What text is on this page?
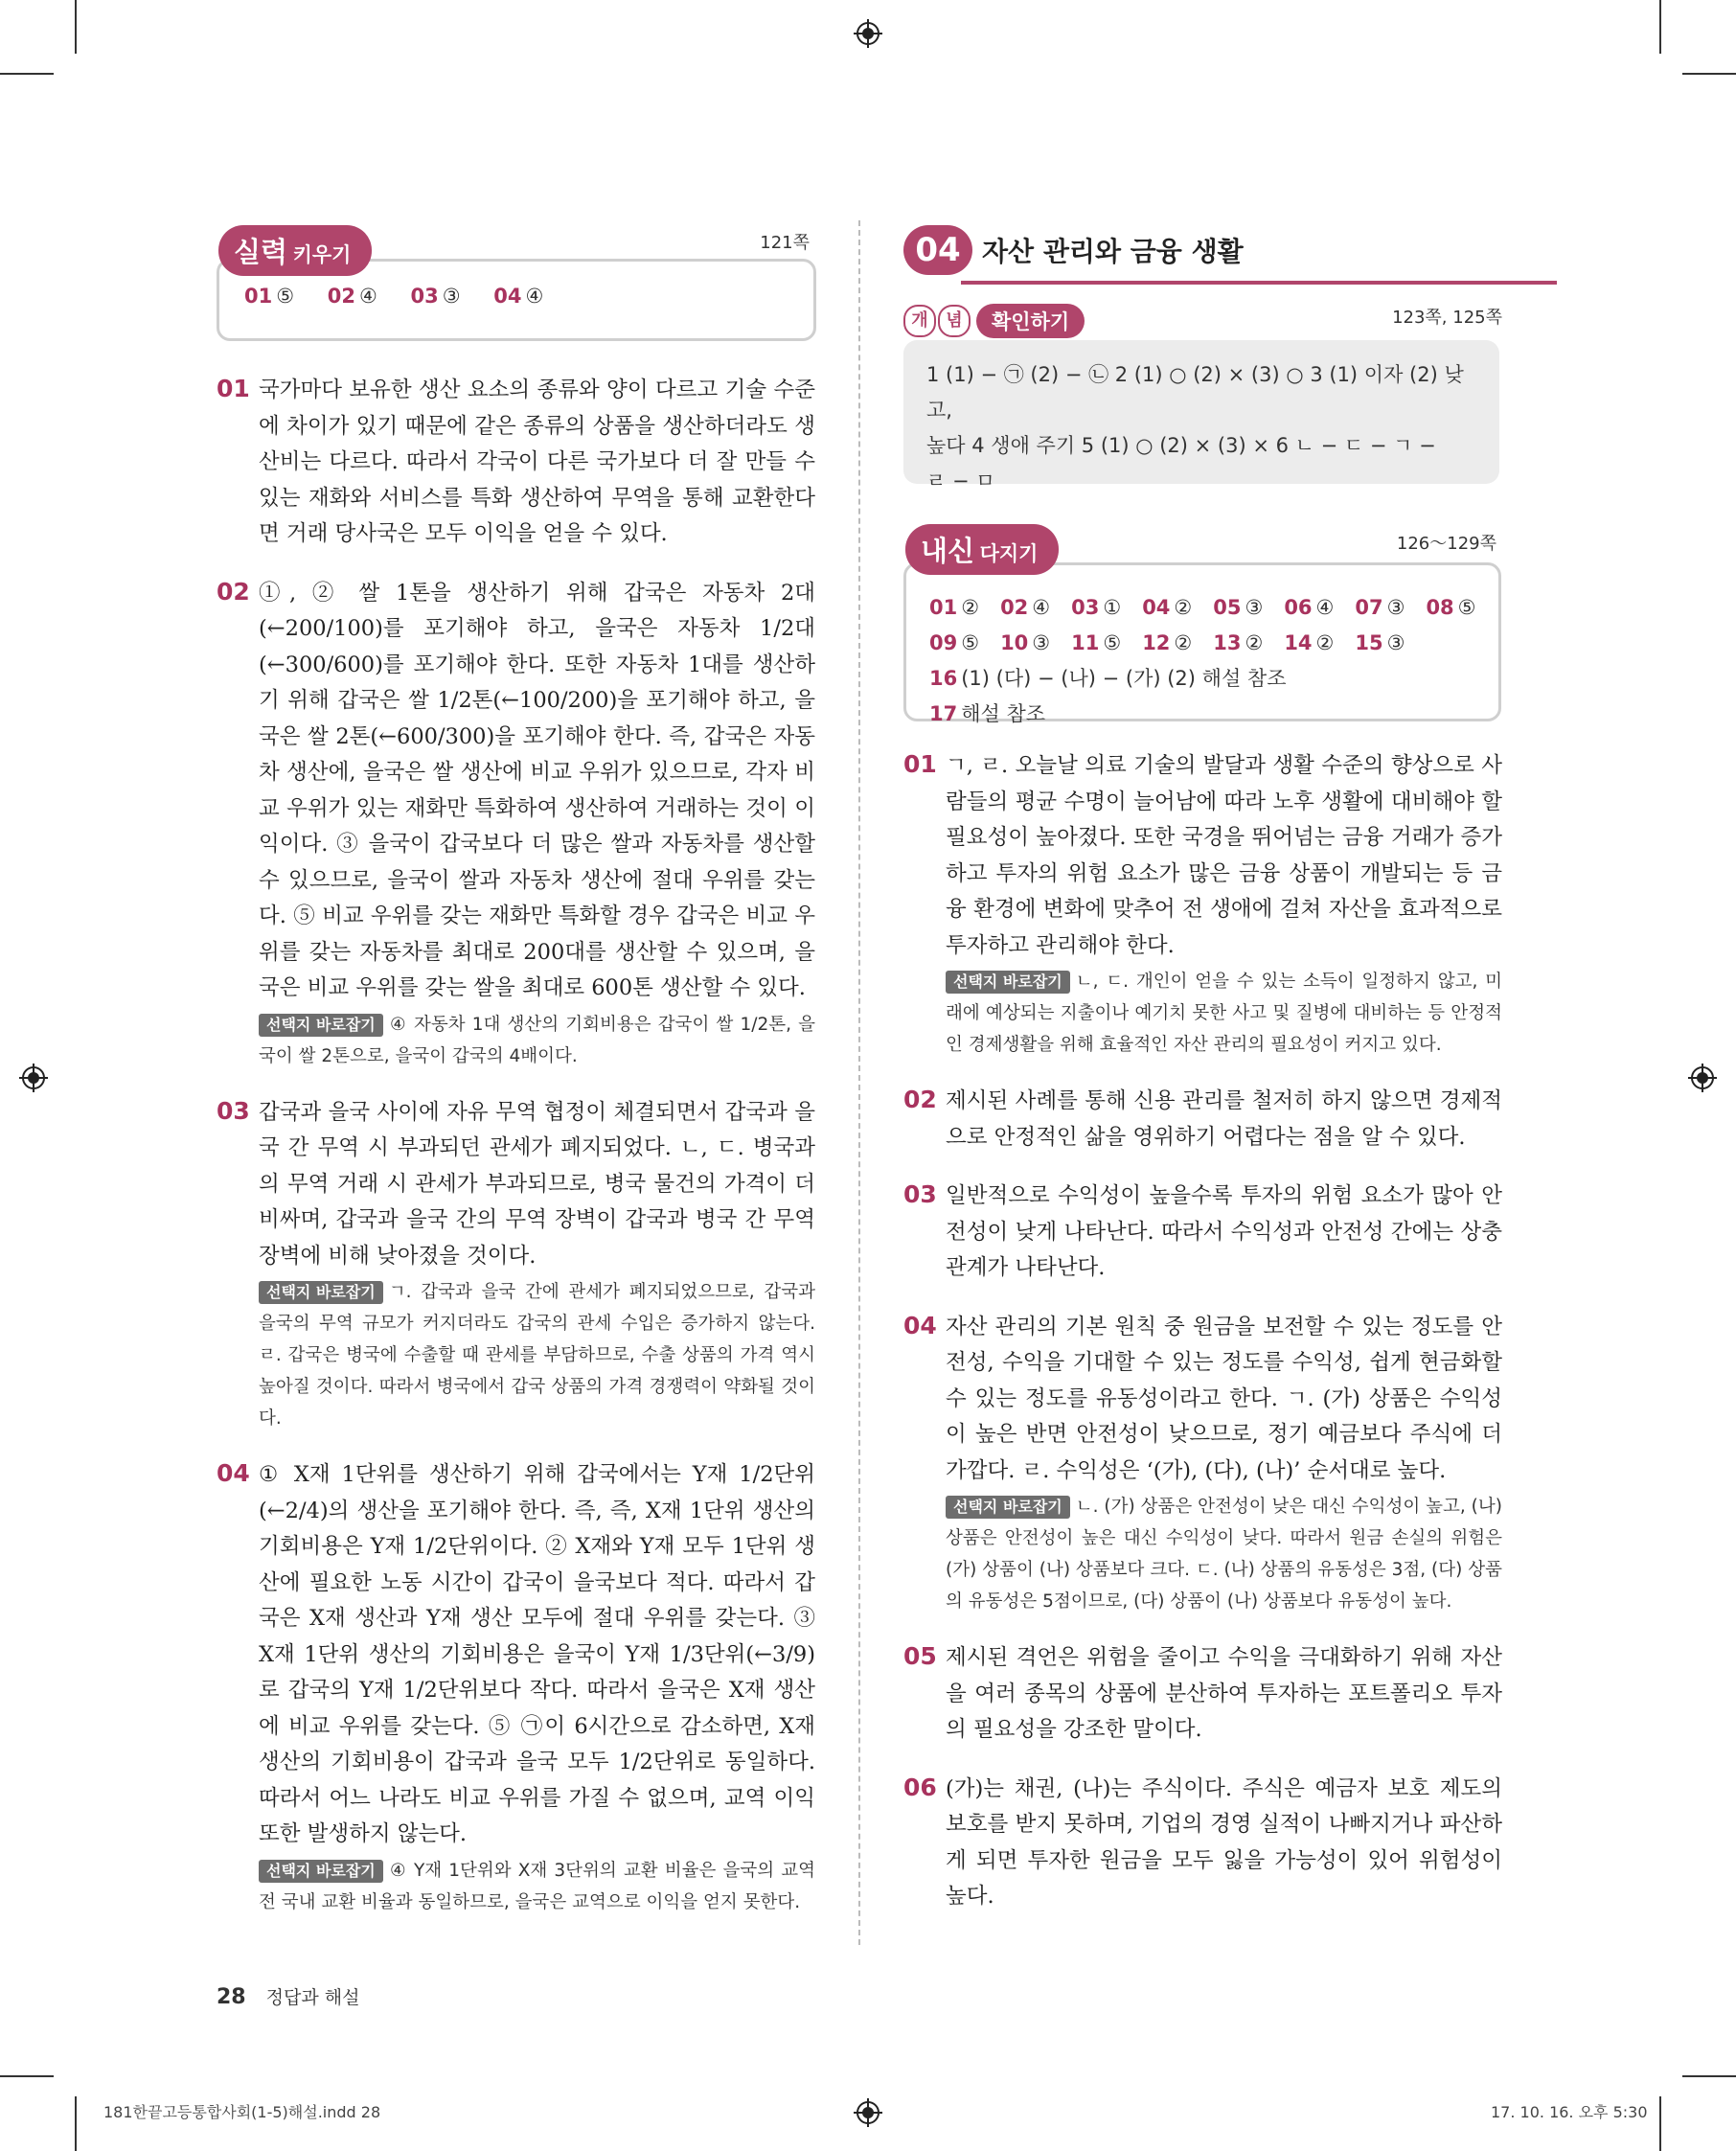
01 ⑤ 02 ④ 03 ③ 04 ④
실력 키우기
121쪽
01 국가마다 보유한 생산 요소의 종류와 양이 다르고 기술 수준에 차이가 있기 때문에 같은 종류의 상품을 생산하더라도 생산비는 다르다. 따라서 각국이 다른 국가보다 더 잘 만들 수 있는 재화와 서비스를 특화 생산하여 무역을 통해 교환한다면 거래 당사국은 모두 이익을 얻을 수 있다.
02 ①, ② 쌀 1톤을 생산하기 위해 갑국은 자동차 2대(←200/100)를 포기해야 하고, 을국은 자동차 1/2대(←300/600)를 포기해야 한다. 또한 자동차 1대를 생산하기 위해 갑국은 쌀 1/2톤(←100/200)을 포기해야 하고, 을국은 쌀 2톤(←600/300)을 포기해야 한다. 즉, 갑국은 자동차 생산에, 을국은 쌀 생산에 비교 우위가 있으므로, 각자 비교 우위가 있는 재화만 특화하여 생산하여 거래하는 것이 이익이다. ③ 을국이 갑국보다 더 많은 쌀과 자동차를 생산할 수 있으므로, 을국이 쌀과 자동차 생산에 절대 우위를 갖는다. ⑤ 비교 우위를 갖는 재화만 특화할 경우 갑국은 비교 우위를 갖는 자동차를 최대로 200대를 생산할 수 있으며, 을국은 비교 우위를 갖는 쌀을 최대로 600톤 생산할 수 있다.
선택지 바로잡기 ④ 자동차 1대 생산의 기회비용은 갑국이 쌀 1/2톤, 을국이 쌀 2톤으로, 을국이 갑국의 4배이다.
03 갑국과 을국 사이에 자유 무역 협정이 체결되면서 갑국과 을국 간 무역 시 부과되던 관세가 폐지되었다. ㄴ, ㄷ. 병국과의 무역 거래 시 관세가 부과되므로, 병국 물건의 가격이 더 비싸며, 갑국과 을국 간의 무역 장벽이 갑국과 병국 간 무역 장벽에 비해 낮아졌을 것이다.
선택지 바로잡기 ㄱ. 갑국과 을국 간에 관세가 폐지되었으므로, 갑국과 을국의 무역 규모가 커지더라도 갑국의 관세 수입은 증가하지 않는다. ㄹ. 갑국은 병국에 수출할 때 관세를 부담하므로, 수출 상품의 가격 역시 높아질 것이다. 따라서 병국에서 갑국 상품의 가격 경쟁력이 약화될 것이다.
04 ① X재 1단위를 생산하기 위해 갑국에서는 Y재 1/2단위(←2/4)의 생산을 포기해야 한다. 즉, 즉, X재 1단위 생산의 기회비용은 Y재 1/2단위이다. ② X재와 Y재 모두 1단위 생산에 필요한 노동 시간이 갑국이 을국보다 적다. 따라서 갑국은 X재 생산과 Y재 생산 모두에 절대 우위를 갖는다. ③ X재 1단위 생산의 기회비용은 을국이 Y재 1/3단위(←3/9)로 갑국의 Y재 1/2단위보다 작다. 따라서 을국은 X재 생산에 비교 우위를 갖는다. ⑤ ㉠이 6시간으로 감소하면, X재 생산의 기회비용이 갑국과 을국 모두 1/2단위로 동일하다. 따라서 어느 나라도 비교 우위를 가질 수 없으며, 교역 이익 또한 발생하지 않는다.
선택지 바로잡기 ④ Y재 1단위와 X재 3단위의 교환 비율은 을국의 교역 전 국내 교환 비율과 동일하므로, 을국은 교역으로 이익을 얻지 못한다.
04 자산 관리와 금융 생활
개	념	확인하기	123쪽, 125쪽
1 (1) − ㉠ (2) − ㉡ 2 (1) ○ (2) × (3) ○ 3 (1) 이자 (2) 낮고,
높다 4 생애 주기 5 (1) ○ (2) × (3) × 6 ㄴ − ㄷ − ㄱ −
ㄹ − ㅁ
01 ② 02 ④ 03 ① 04 ② 05 ③ 06 ④ 07 ③ 08 ⑤
09 ⑤ 10 ③ 11 ⑤ 12 ② 13 ② 14 ② 15 ③
16 (1) (다) − (나) − (가) (2) 해설 참조 17 해설 참조
내신 다지기	126～129쪽
01 ㄱ, ㄹ. 오늘날 의료 기술의 발달과 생활 수준의 향상으로 사람들의 평균 수명이 늘어남에 따라 노후 생활에 대비해야 할 필요성이 높아졌다. 또한 국경을 뛰어넘는 금융 거래가 증가하고 투자의 위험 요소가 많은 금융 상품이 개발되는 등 금융 환경에 변화에 맞추어 전 생애에 걸쳐 자산을 효과적으로 투자하고 관리해야 한다.
선택지 바로잡기 ㄴ, ㄷ. 개인이 얻을 수 있는 소득이 일정하지 않고, 미래에 예상되는 지출이나 예기치 못한 사고 및 질병에 대비하는 등 안정적인 경제생활을 위해 효율적인 자산 관리의 필요성이 커지고 있다.
02 제시된 사례를 통해 신용 관리를 철저히 하지 않으면 경제적으로 안정적인 삶을 영위하기 어렵다는 점을 알 수 있다.
03 일반적으로 수익성이 높을수록 투자의 위험 요소가 많아 안전성이 낮게 나타난다. 따라서 수익성과 안전성 간에는 상충 관계가 나타난다.
04 자산 관리의 기본 원칙 중 원금을 보전할 수 있는 정도를 안전성, 수익을 기대할 수 있는 정도를 수익성, 쉽게 현금화할 수 있는 정도를 유동성이라고 한다. ㄱ. (가) 상품은 수익성이 높은 반면 안전성이 낮으므로, 정기 예금보다 주식에 더 가깝다. ㄹ. 수익성은 ‘(가), (다), (나)’ 순서대로 높다.
선택지 바로잡기 ㄴ. (가) 상품은 안전성이 낮은 대신 수익성이 높고, (나) 상품은 안전성이 높은 대신 수익성이 낮다. 따라서 원금 손실의 위험은 (가) 상품이 (나) 상품보다 크다. ㄷ. (나) 상품의 유동성은 3점, (다) 상품의 유동성은 5점이므로, (다) 상품이 (나) 상품보다 유동성이 높다.
05 제시된 격언은 위험을 줄이고 수익을 극대화하기 위해 자산을 여러 종목의 상품에 분산하여 투자하는 포트폴리오 투자의 필요성을 강조한 말이다.
06 (가)는 채권, (나)는 주식이다. 주식은 예금자 보호 제도의 보호를 받지 못하며, 기업의 경영 실적이 나빠지거나 파산하게 되면 투자한 원금을 모두 잃을 가능성이 있어 위험성이 높다.
28 정답과 해설
181한끝고등통합사회(1-5)해설.indd 28	17. 10. 16. 오후 5:30
